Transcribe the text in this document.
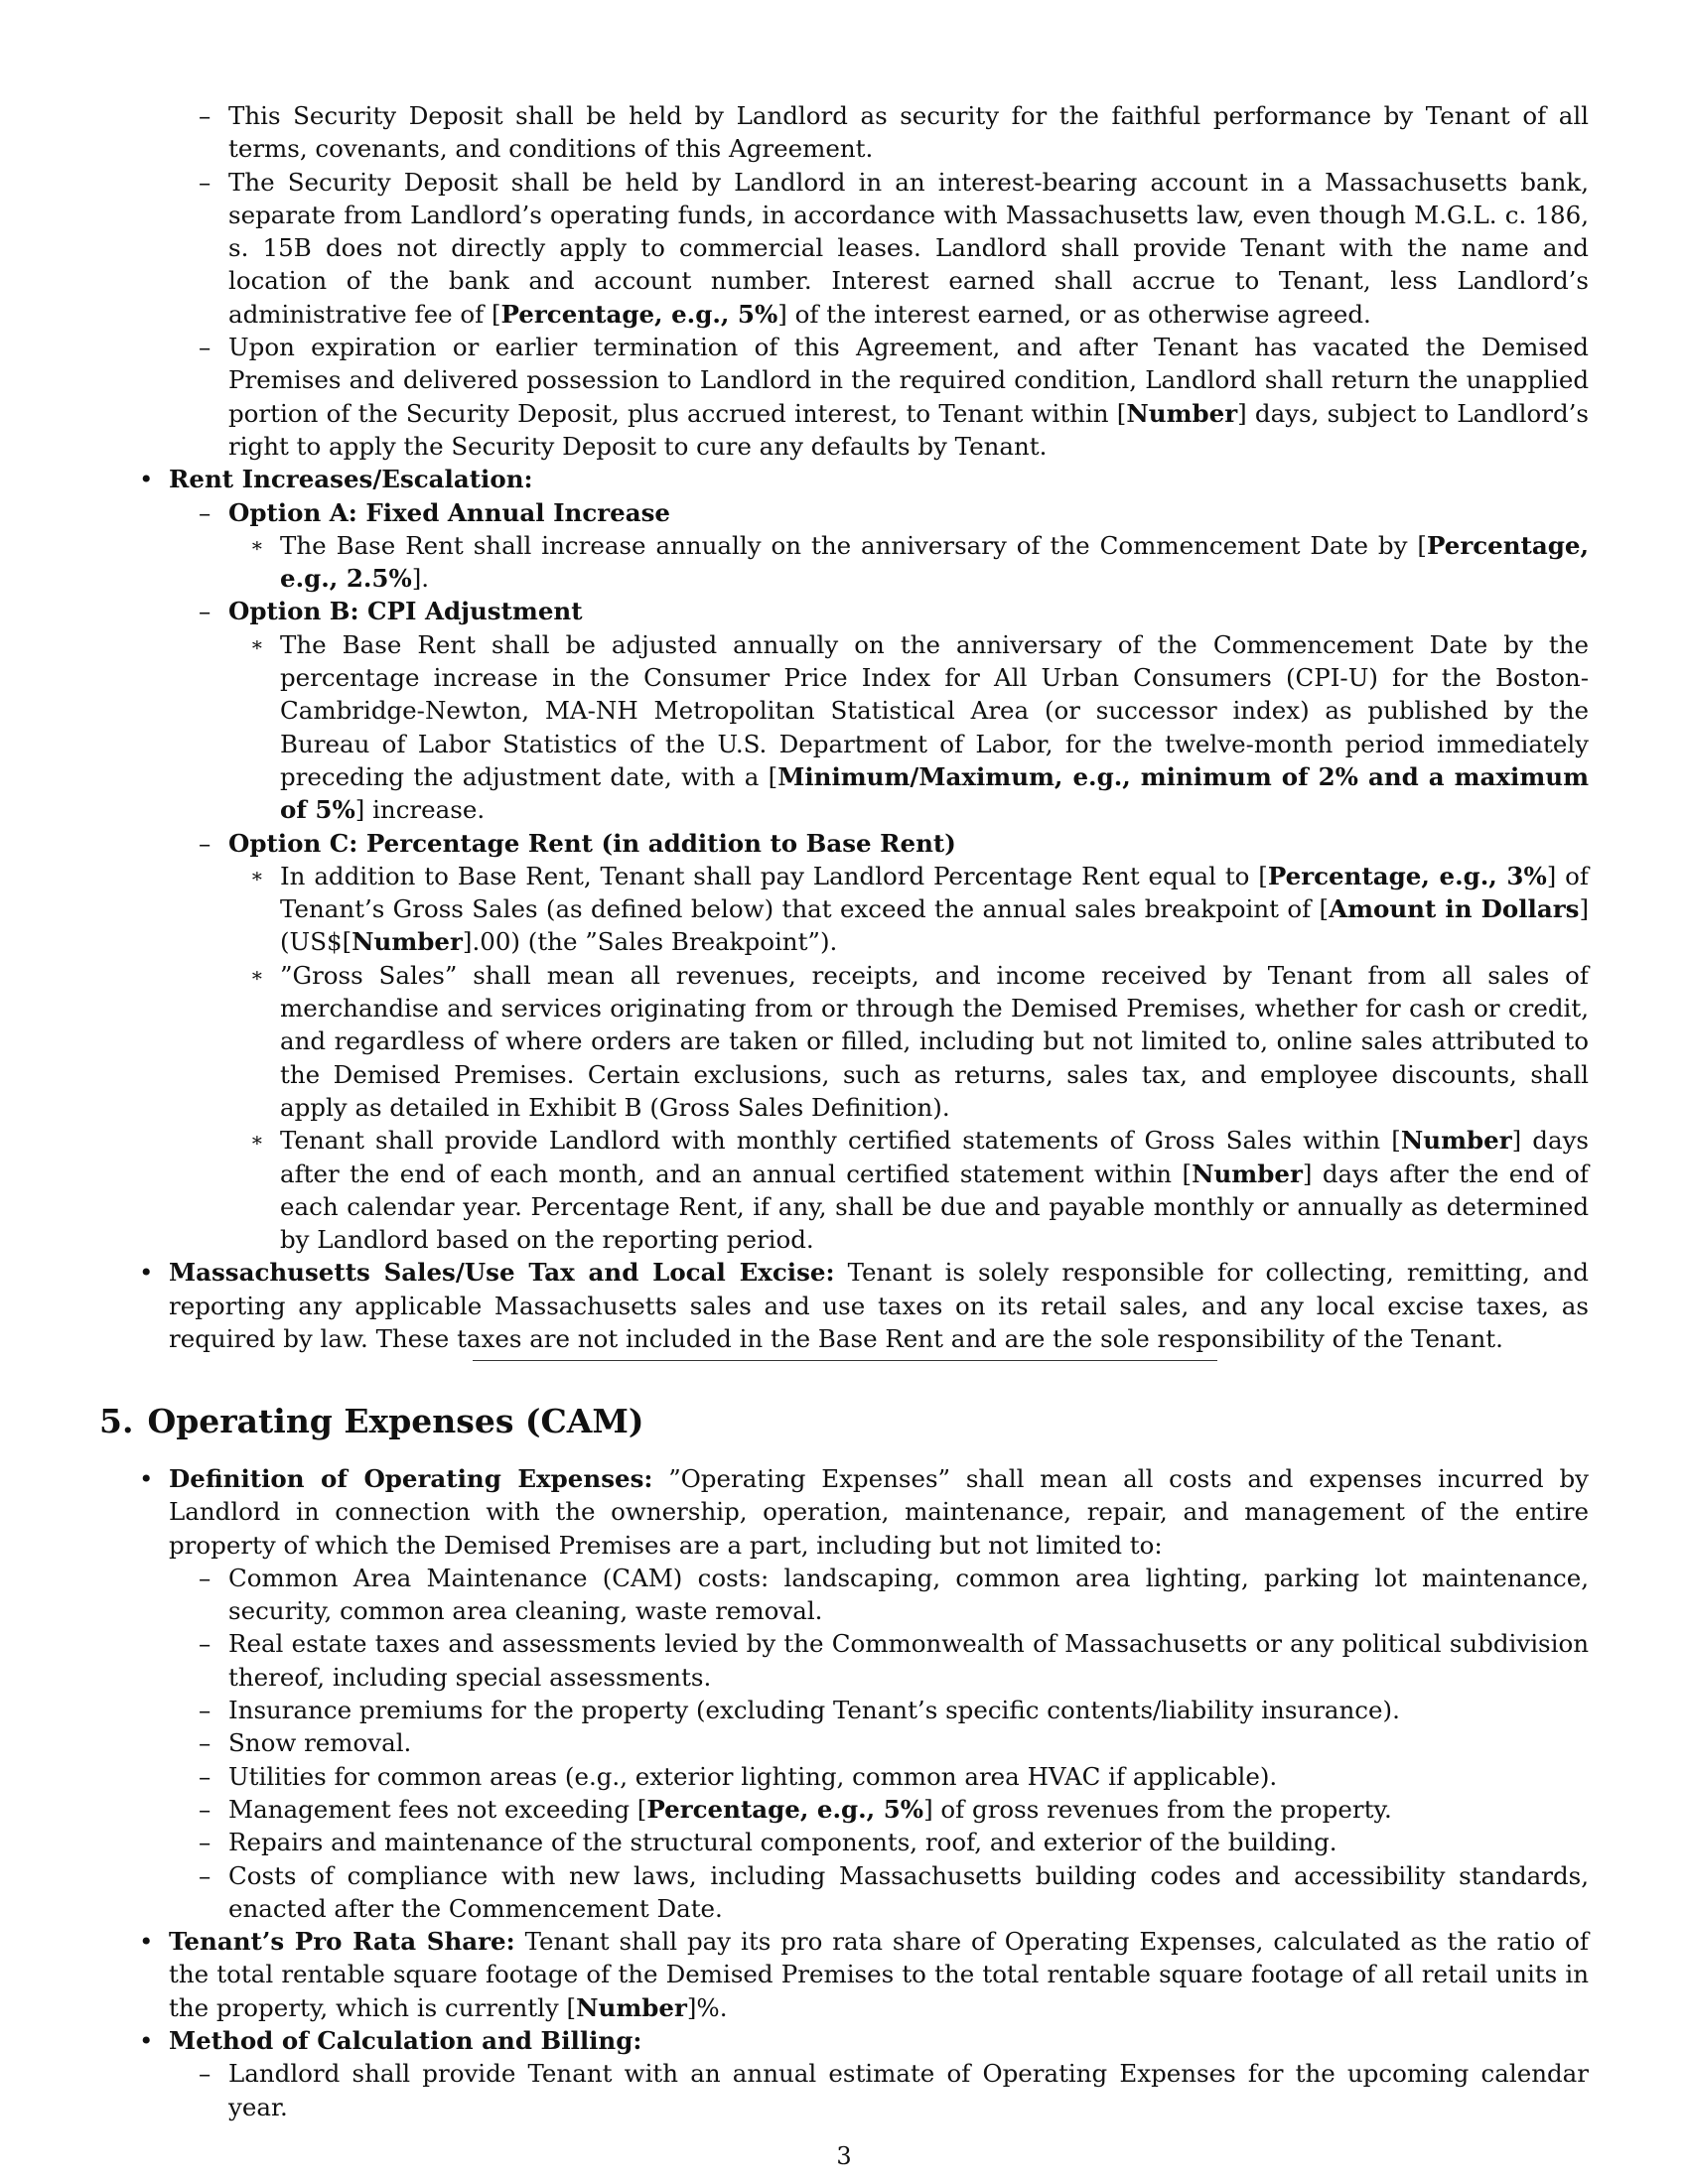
– This Security Deposit shall be held by Landlord as security for the faithful performance by Tenant of all terms, covenants, and conditions of this Agreement.
– The Security Deposit shall be held by Landlord in an interest-bearing account in a Massachusetts bank, separate from Landlord’s operating funds, in accordance with Massachusetts law, even though M.G.L. c. 186, s. 15B does not directly apply to commercial leases. Landlord shall provide Tenant with the name and location of the bank and account number. Interest earned shall accrue to Tenant, less Landlord’s administrative fee of [Percentage, e.g., 5%] of the interest earned, or as otherwise agreed.
– Upon expiration or earlier termination of this Agreement, and after Tenant has vacated the Demised Premises and delivered possession to Landlord in the required condition, Landlord shall return the unapplied portion of the Security Deposit, plus accrued interest, to Tenant within [Number] days, subject to Landlord’s right to apply the Security Deposit to cure any defaults by Tenant.
• Rent Increases/Escalation:
– Option A: Fixed Annual Increase
∗ The Base Rent shall increase annually on the anniversary of the Commencement Date by [Percentage, e.g., 2.5%].
– Option B: CPI Adjustment
∗ The Base Rent shall be adjusted annually on the anniversary of the Commencement Date by the percentage increase in the Consumer Price Index for All Urban Consumers (CPI-U) for the Boston-Cambridge-Newton, MA-NH Metropolitan Statistical Area (or successor index) as published by the Bureau of Labor Statistics of the U.S. Department of Labor, for the twelve-month period immediately preceding the adjustment date, with a [Minimum/Maximum, e.g., minimum of 2% and a maximum of 5%] increase.
– Option C: Percentage Rent (in addition to Base Rent)
∗ In addition to Base Rent, Tenant shall pay Landlord Percentage Rent equal to [Percentage, e.g., 3%] of Tenant’s Gross Sales (as defined below) that exceed the annual sales breakpoint of [Amount in Dollars] (US$[Number].00) (the ”Sales Breakpoint”).
∗ ”Gross Sales” shall mean all revenues, receipts, and income received by Tenant from all sales of merchandise and services originating from or through the Demised Premises, whether for cash or credit, and regardless of where orders are taken or filled, including but not limited to, online sales attributed to the Demised Premises. Certain exclusions, such as returns, sales tax, and employee discounts, shall apply as detailed in Exhibit B (Gross Sales Definition).
∗ Tenant shall provide Landlord with monthly certified statements of Gross Sales within [Number] days after the end of each month, and an annual certified statement within [Number] days after the end of each calendar year. Percentage Rent, if any, shall be due and payable monthly or annually as determined by Landlord based on the reporting period.
• Massachusetts Sales/Use Tax and Local Excise: Tenant is solely responsible for collecting, remitting, and reporting any applicable Massachusetts sales and use taxes on its retail sales, and any local excise taxes, as required by law. These taxes are not included in the Base Rent and are the sole responsibility of the Tenant.
5. Operating Expenses (CAM)
• Definition of Operating Expenses: ”Operating Expenses” shall mean all costs and expenses incurred by Landlord in connection with the ownership, operation, maintenance, repair, and management of the entire property of which the Demised Premises are a part, including but not limited to:
– Common Area Maintenance (CAM) costs: landscaping, common area lighting, parking lot maintenance, security, common area cleaning, waste removal.
– Real estate taxes and assessments levied by the Commonwealth of Massachusetts or any political subdivision thereof, including special assessments.
– Insurance premiums for the property (excluding Tenant’s specific contents/liability insurance).
– Snow removal.
– Utilities for common areas (e.g., exterior lighting, common area HVAC if applicable).
– Management fees not exceeding [Percentage, e.g., 5%] of gross revenues from the property.
– Repairs and maintenance of the structural components, roof, and exterior of the building.
– Costs of compliance with new laws, including Massachusetts building codes and accessibility standards, enacted after the Commencement Date.
• Tenant’s Pro Rata Share: Tenant shall pay its pro rata share of Operating Expenses, calculated as the ratio of the total rentable square footage of the Demised Premises to the total rentable square footage of all retail units in the property, which is currently [Number]%.
• Method of Calculation and Billing:
– Landlord shall provide Tenant with an annual estimate of Operating Expenses for the upcoming calendar year.
3
